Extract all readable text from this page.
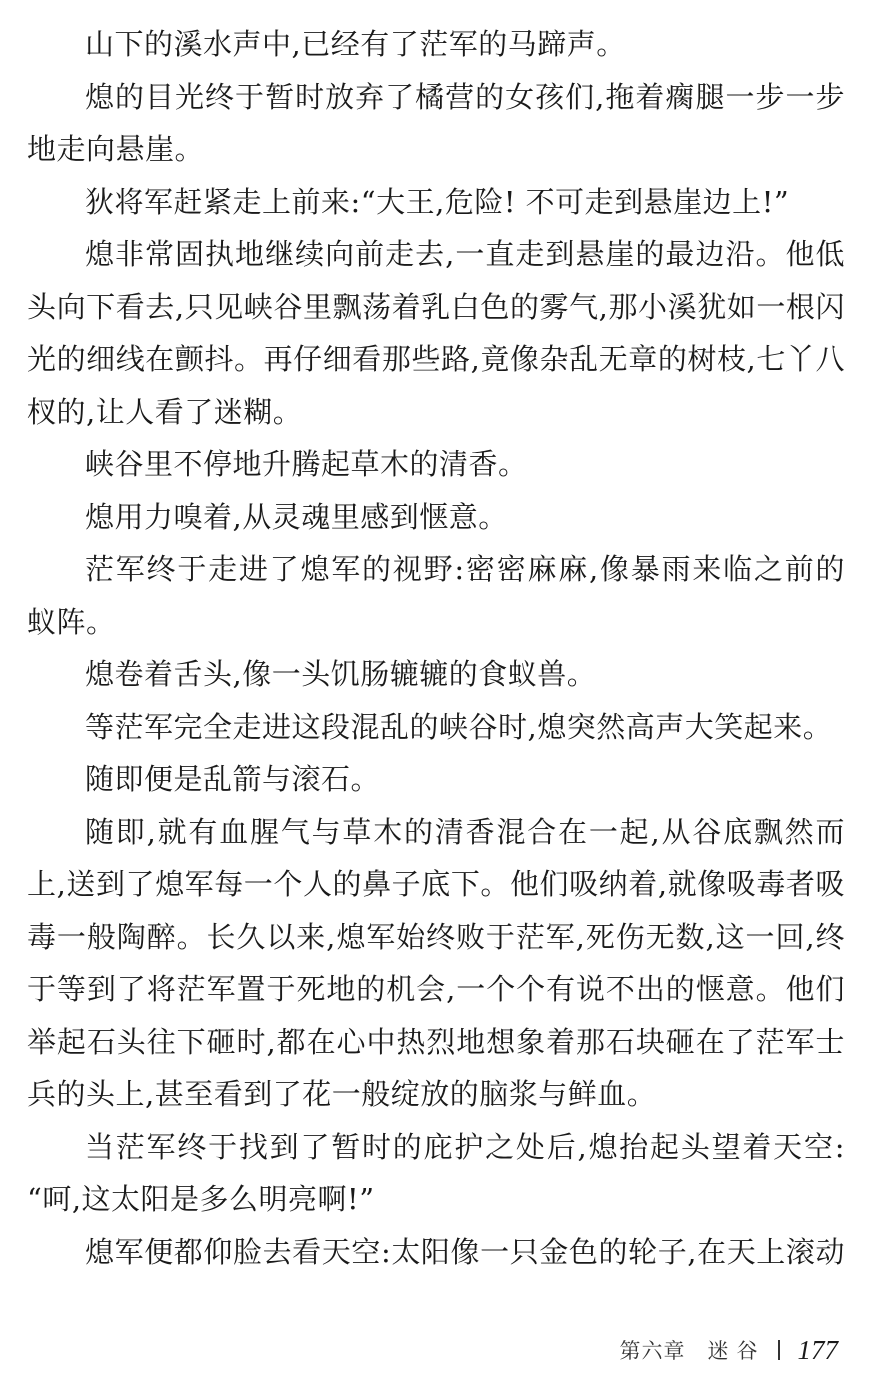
山下的溪水声中,已经有了茫军的马蹄声。
熄的目光终于暂时放弃了橘营的女孩们,拖着瘸腿一步一步
地走向悬崖。
狄将军赶紧走上前来:“大王,危险! 不可走到悬崖边上!”
熄非常固执地继续向前走去,一直走到悬崖的最边沿。他低
头向下看去,只见峡谷里飘荡着乳白色的雾气,那小溪犹如一根闪
光的细线在颤抖。再仔细看那些路,竟像杂乱无章的树枝,七丫八
杈的,让人看了迷糊。
峡谷里不停地升腾起草木的清香。
熄用力嗅着,从灵魂里感到惬意。
茫军终于走进了熄军的视野:密密麻麻,像暴雨来临之前的
蚁阵。
熄卷着舌头,像一头饥肠辘辘的食蚁兽。
等茫军完全走进这段混乱的峡谷时,熄突然高声大笑起来。
随即便是乱箭与滚石。
随即,就有血腥气与草木的清香混合在一起,从谷底飘然而
上,送到了熄军每一个人的鼻子底下。他们吸纳着,就像吸毒者吸
毒一般陶醉。长久以来,熄军始终败于茫军,死伤无数,这一回,终
于等到了将茫军置于死地的机会,一个个有说不出的惬意。他们
举起石头往下砸时,都在心中热烈地想象着那石块砸在了茫军士
兵的头上,甚至看到了花一般绽放的脑浆与鲜血。
当茫军终于找到了暂时的庇护之处后,熄抬起头望着天空:
“呵,这太阳是多么明亮啊!”
熄军便都仰脸去看天空:太阳像一只金色的轮子,在天上滚动
第六章 迷谷 177
